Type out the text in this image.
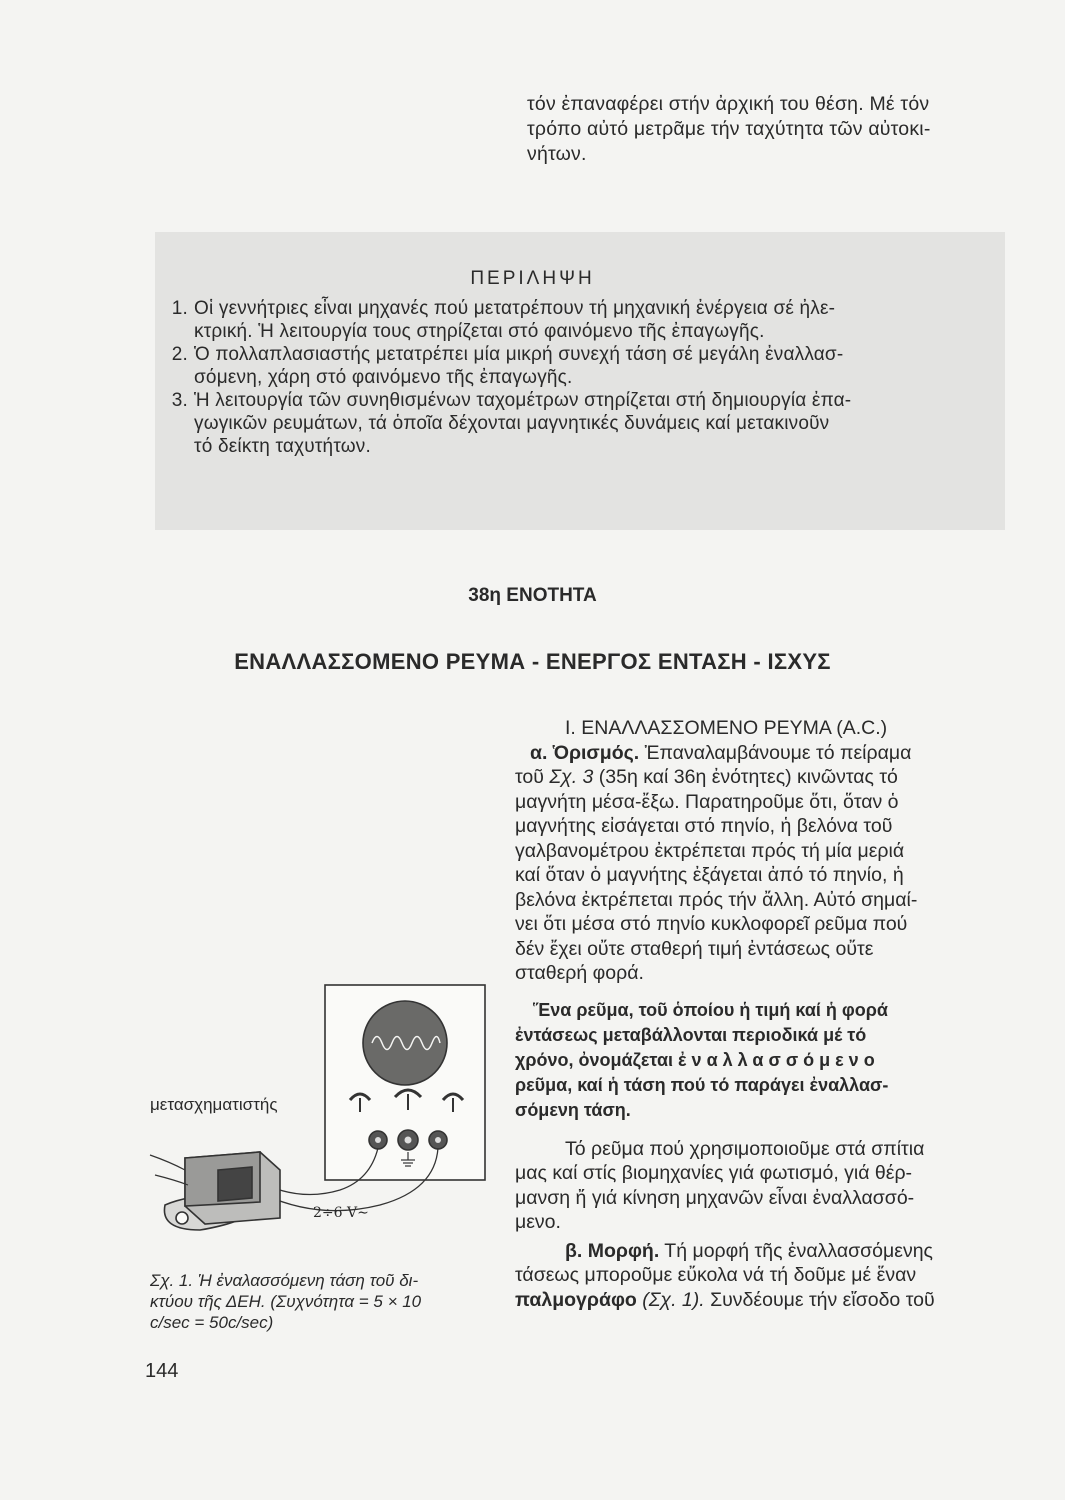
τόν ἐπαναφέρει στήν ἀρχική του θέση. Μέ τόν
τρόπο αὐτό μετρᾶμε τήν ταχύτητα τῶν αὐτοκι-
νήτων.
ΠΕΡΙΛΗΨΗ
1. Οἱ γεννήτριες εἶναι μηχανές πού μετατρέπουν τή μηχανική ἐνέργεια σέ ἠλε-
κτρική. Ἡ λειτουργία τους στηρίζεται στό φαινόμενο τῆς ἐπαγωγῆς.
2. Ὁ πολλαπλασιαστής μετατρέπει μία μικρή συνεχή τάση σέ μεγάλη ἐναλλασ-
σόμενη, χάρη στό φαινόμενο τῆς ἐπαγωγῆς.
3. Ἡ λειτουργία τῶν συνηθισμένων ταχομέτρων στηρίζεται στή δημιουργία ἐπα-
γωγικῶν ρευμάτων, τά ὁποῖα δέχονται μαγνητικές δυνάμεις καί μετακινοῦν
τό δείκτη ταχυτήτων.
38η ΕΝΟΤΗΤΑ
ΕΝΑΛΛΑΣΣΟΜΕΝΟ ΡΕΥΜΑ - ΕΝΕΡΓΟΣ ΕΝΤΑΣΗ - ΙΣΧΥΣ
I. ΕΝΑΛΛΑΣΣΟΜΕΝΟ ΡΕΥΜΑ (A.C.)
α. Ὁρισμός. Ἐπαναλαμβάνουμε τό πείραμα
τοῦ Σχ. 3 (35η καί 36η ἐνότητες) κινῶντας τό
μαγνήτη μέσα-ἔξω. Παρατηροῦμε ὅτι, ὅταν ὁ
μαγνήτης εἰσάγεται στό πηνίο, ἡ βελόνα τοῦ
γαλβανομέτρου ἐκτρέπεται πρός τή μία μεριά
καί ὅταν ὁ μαγνήτης ἐξάγεται ἀπό τό πηνίο, ἡ
βελόνα ἐκτρέπεται πρός τήν ἄλλη. Αὐτό σημαί-
νει ὅτι μέσα στό πηνίο κυκλοφορεῖ ρεῦμα πού
δέν ἔχει οὔτε σταθερή τιμή ἐντάσεως οὔτε
σταθερή φορά.
Ἕνα ρεῦμα, τοῦ ὁποίου ἡ τιμή καί ἡ φορά
ἐντάσεως μεταβάλλονται περιοδικά μέ τό
χρόνο, ὀνομάζεται ἐναλλασσόμενο
ρεῦμα, καί ἡ τάση πού τό παράγει ἐναλλασ-
σόμενη τάση.
Τό ρεῦμα πού χρησιμοποιοῦμε στά σπίτια
μας καί στίς βιομηχανίες γιά φωτισμό, γιά θέρ-
μανση ἤ γιά κίνηση μηχανῶν εἶναι ἐναλλασσό-
μενο.
β. Μορφή. Τή μορφή τῆς ἐναλλασσόμενης
τάσεως μποροῦμε εὔκολα νά τή δοῦμε μέ ἕναν
παλμογράφο (Σχ. 1). Συνδέουμε τήν εἴσοδο τοῦ
μετασχηματιστής
2÷6 V∼
Σχ. 1. Ἡ ἐναλασσόμενη τάση τοῦ δι-
κτύου τῆς ΔΕΗ. (Συχνότητα = 5 × 10
c/sec = 50c/sec)
144
